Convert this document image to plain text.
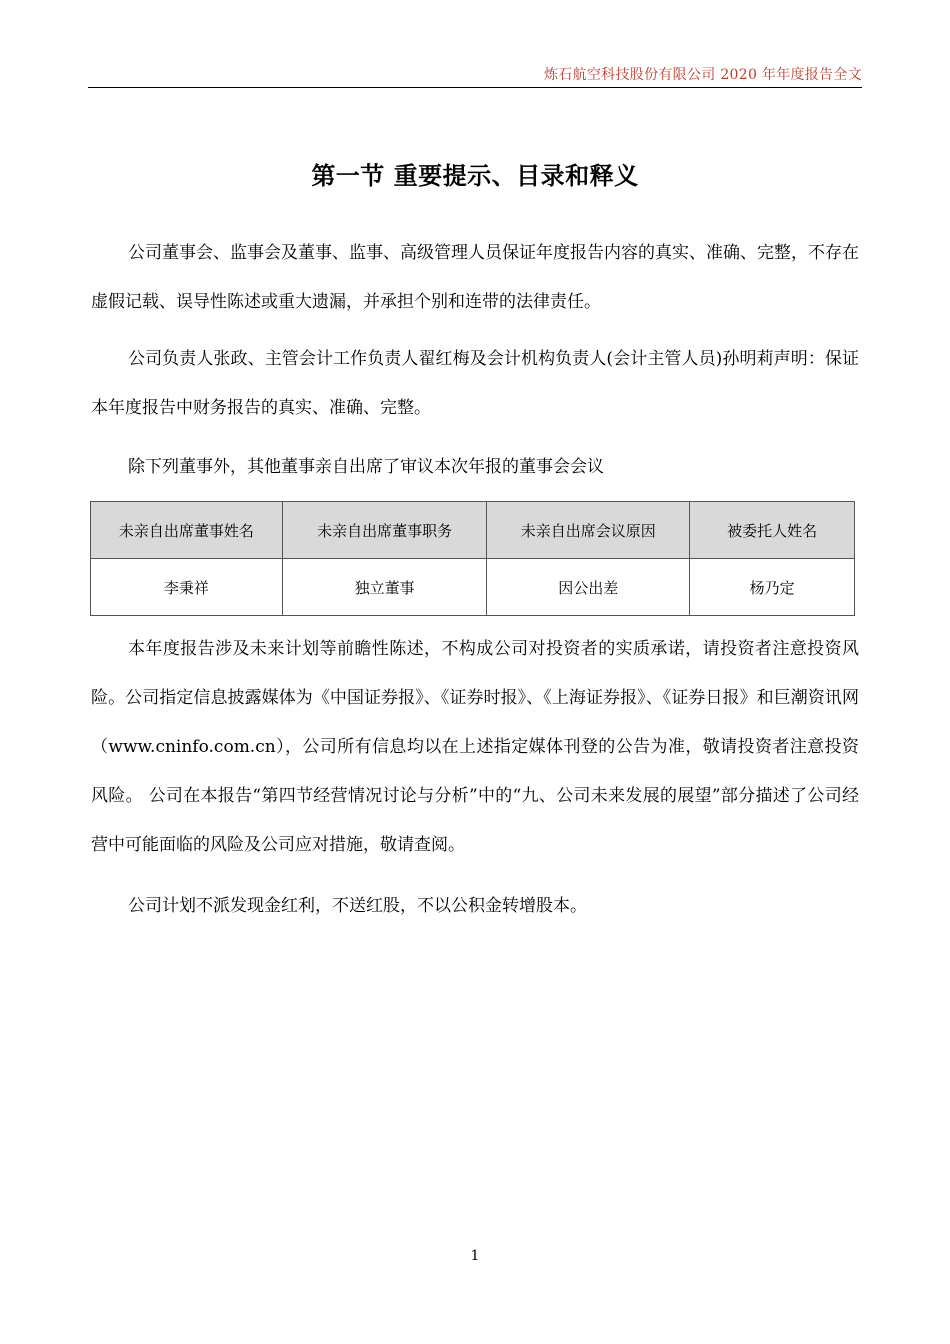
炼石航空科技股份有限公司 2020 年年度报告全文
第一节 重要提示、目录和释义

公司董事会、监事会及董事、监事、高级管理人员保证年度报告内容的真实、准确、完整，不存在虚假记载、误导性陈述或重大遗漏，并承担个别和连带的法律责任。

公司负责人张政、主管会计工作负责人翟红梅及会计机构负责人(会计主管人员)孙明莉声明：保证本年度报告中财务报告的真实、准确、完整。

除下列董事外，其他董事亲自出席了审议本次年报的董事会会议

未亲自出席董事姓名	未亲自出席董事职务	未亲自出席会议原因	被委托人姓名
李秉祥	独立董事	因公出差	杨乃定

本年度报告涉及未来计划等前瞻性陈述，不构成公司对投资者的实质承诺，请投资者注意投资风险。公司指定信息披露媒体为《中国证券报》、《证券时报》、《上海证券报》、《证券日报》和巨潮资讯网（www.cninfo.com.cn），公司所有信息均以在上述指定媒体刊登的公告为准，敬请投资者注意投资风险。 公司在本报告“第四节经营情况讨论与分析”中的“九、公司未来发展的展望”部分描述了公司经营中可能面临的风险及公司应对措施，敬请查阅。

公司计划不派发现金红利，不送红股，不以公积金转增股本。

1
